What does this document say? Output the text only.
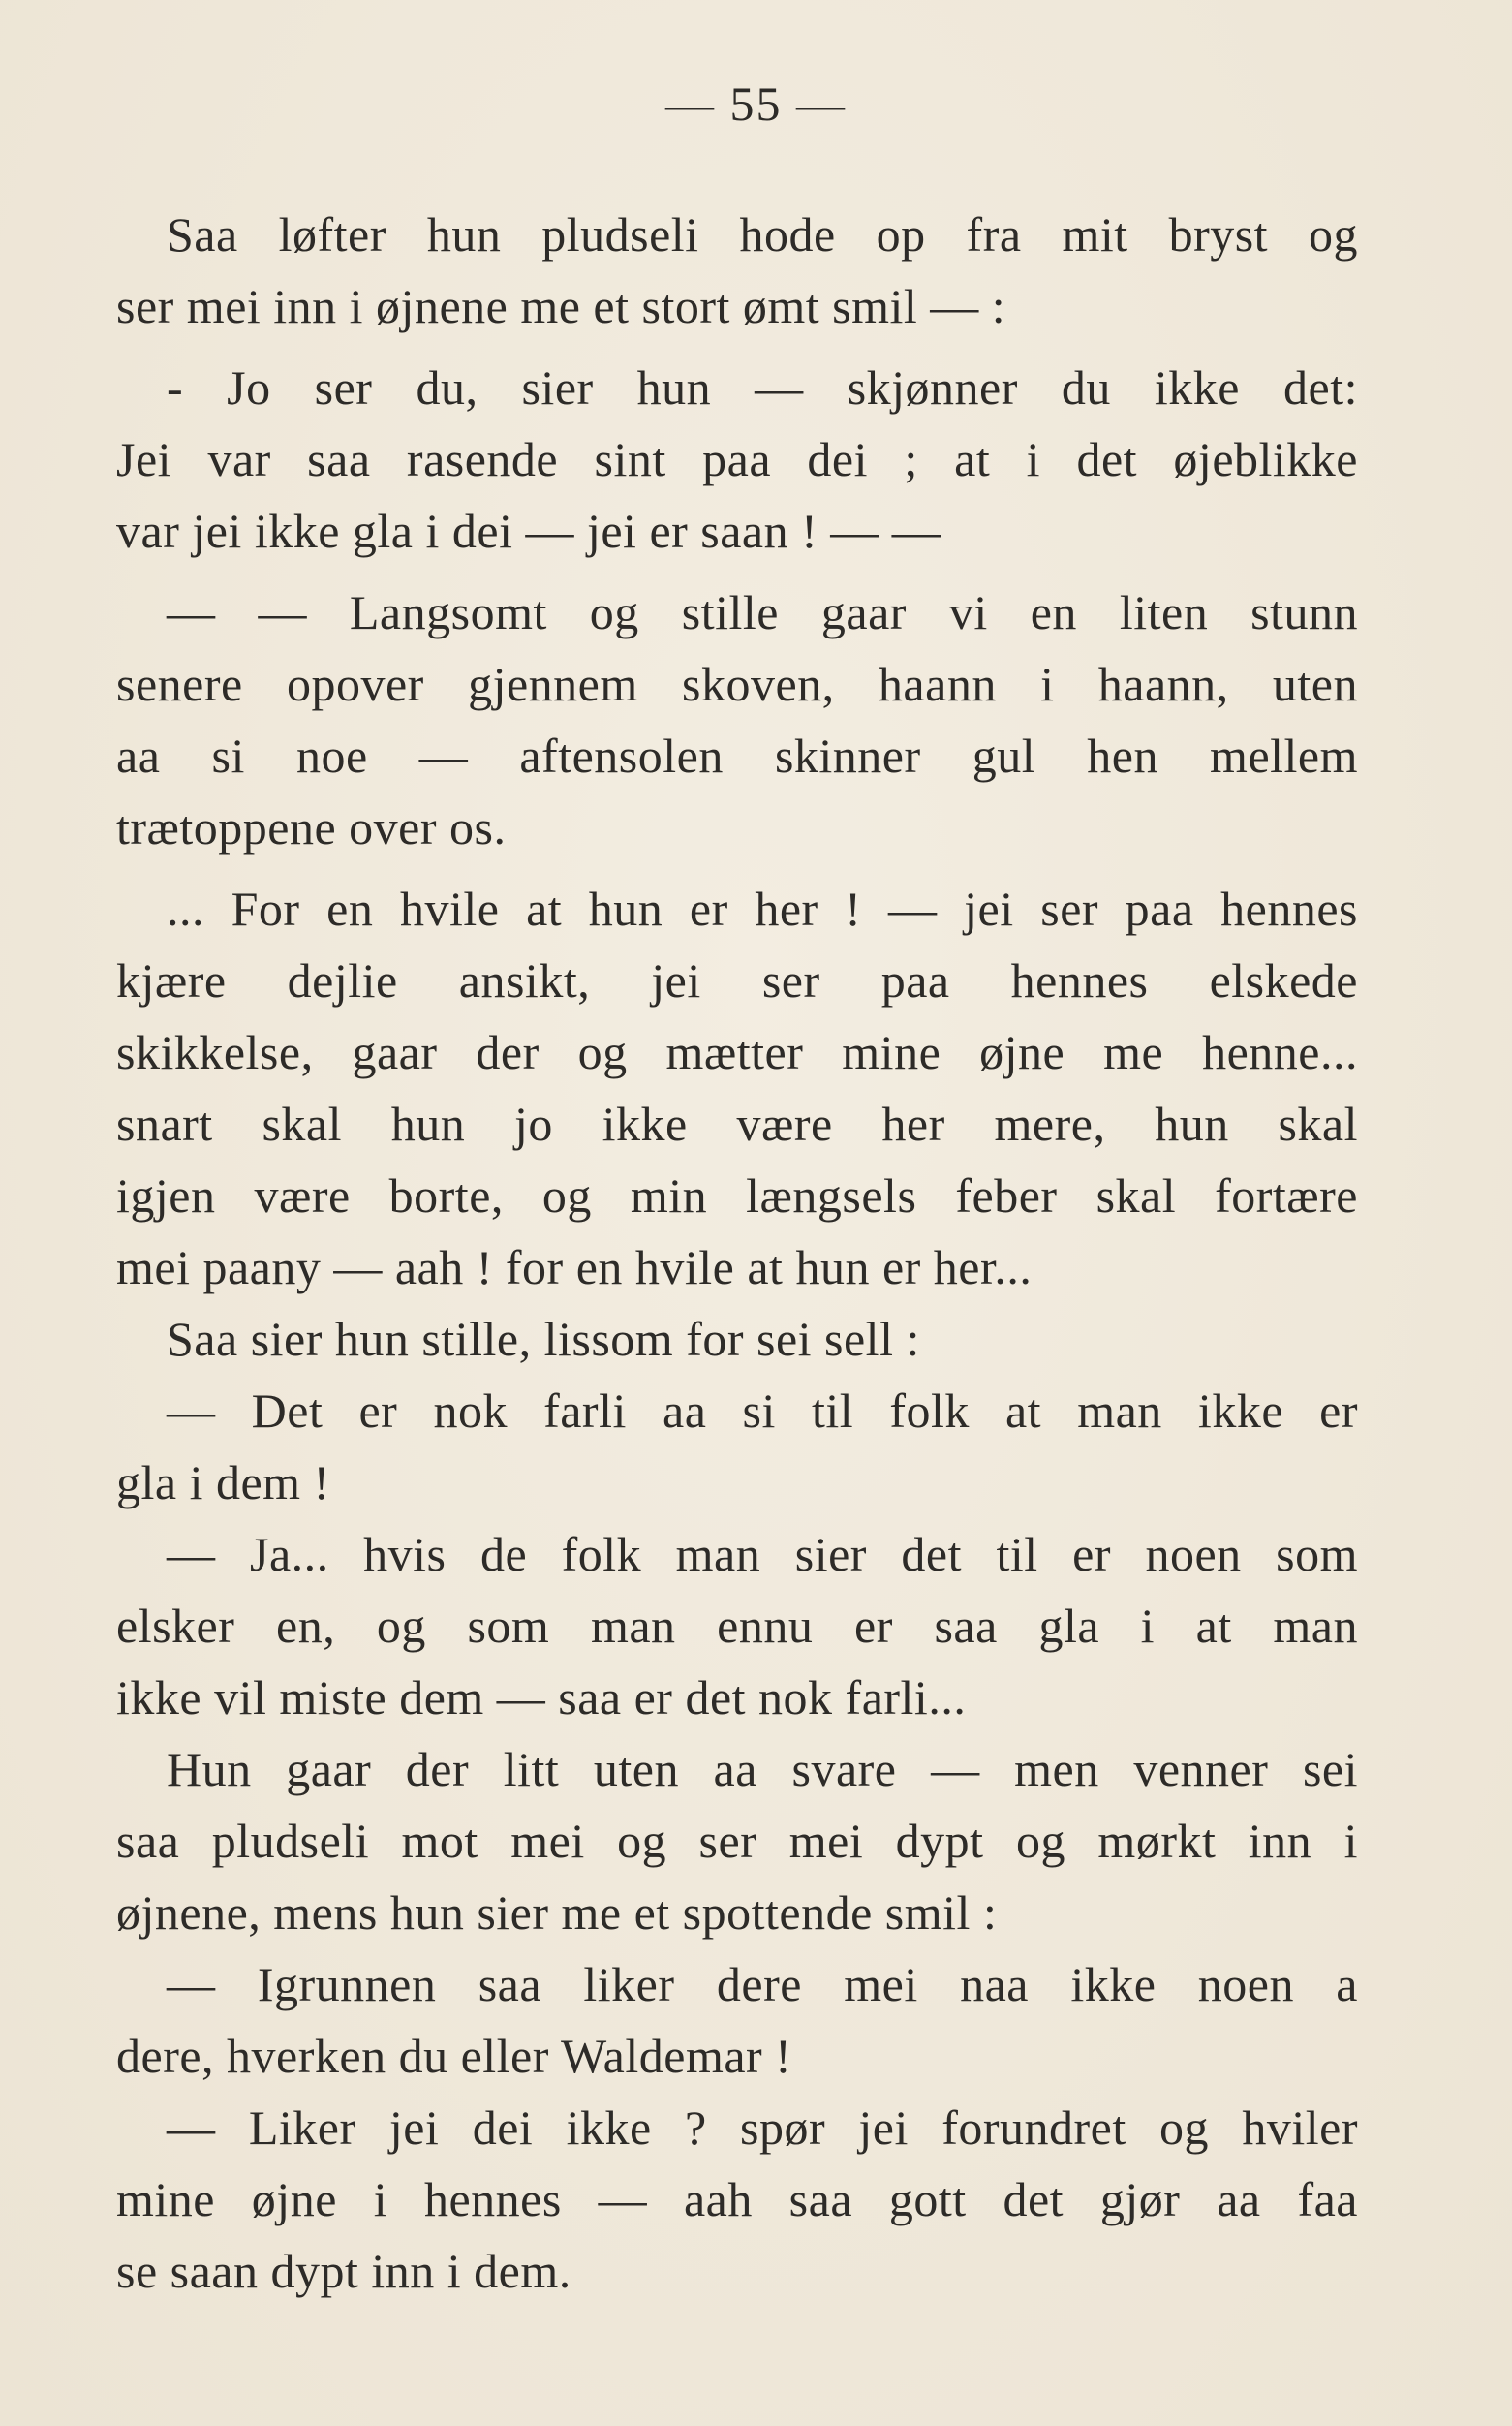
— 55 —
Saa løfter hun pludseli hode op fra mit bryst og
ser mei inn i øjnene me et stort ømt smil — :
- Jo ser du, sier hun — skjønner du ikke det:
Jei var saa rasende sint paa dei ; at i det øjeblikke
var jei ikke gla i dei — jei er saan ! — —
— — Langsomt og stille gaar vi en liten stunn
senere opover gjennem skoven, haann i haann, uten
aa si noe — aftensolen skinner gul hen mellem
trætoppene over os.
... For en hvile at hun er her ! — jei ser paa hennes
kjære dejlie ansikt, jei ser paa hennes elskede
skikkelse, gaar der og mætter mine øjne me henne...
snart skal hun jo ikke være her mere, hun skal
igjen være borte, og min længsels feber skal fortære
mei paany — aah ! for en hvile at hun er her...
Saa sier hun stille, lissom for sei sell :
— Det er nok farli aa si til folk at man ikke er
gla i dem !
— Ja... hvis de folk man sier det til er noen som
elsker en, og som man ennu er saa gla i at man
ikke vil miste dem — saa er det nok farli...
Hun gaar der litt uten aa svare — men venner sei
saa pludseli mot mei og ser mei dypt og mørkt inn i
øjnene, mens hun sier me et spottende smil :
— Igrunnen saa liker dere mei naa ikke noen a
dere, hverken du eller Waldemar !
— Liker jei dei ikke ? spør jei forundret og hviler
mine øjne i hennes — aah saa gott det gjør aa faa
se saan dypt inn i dem.
